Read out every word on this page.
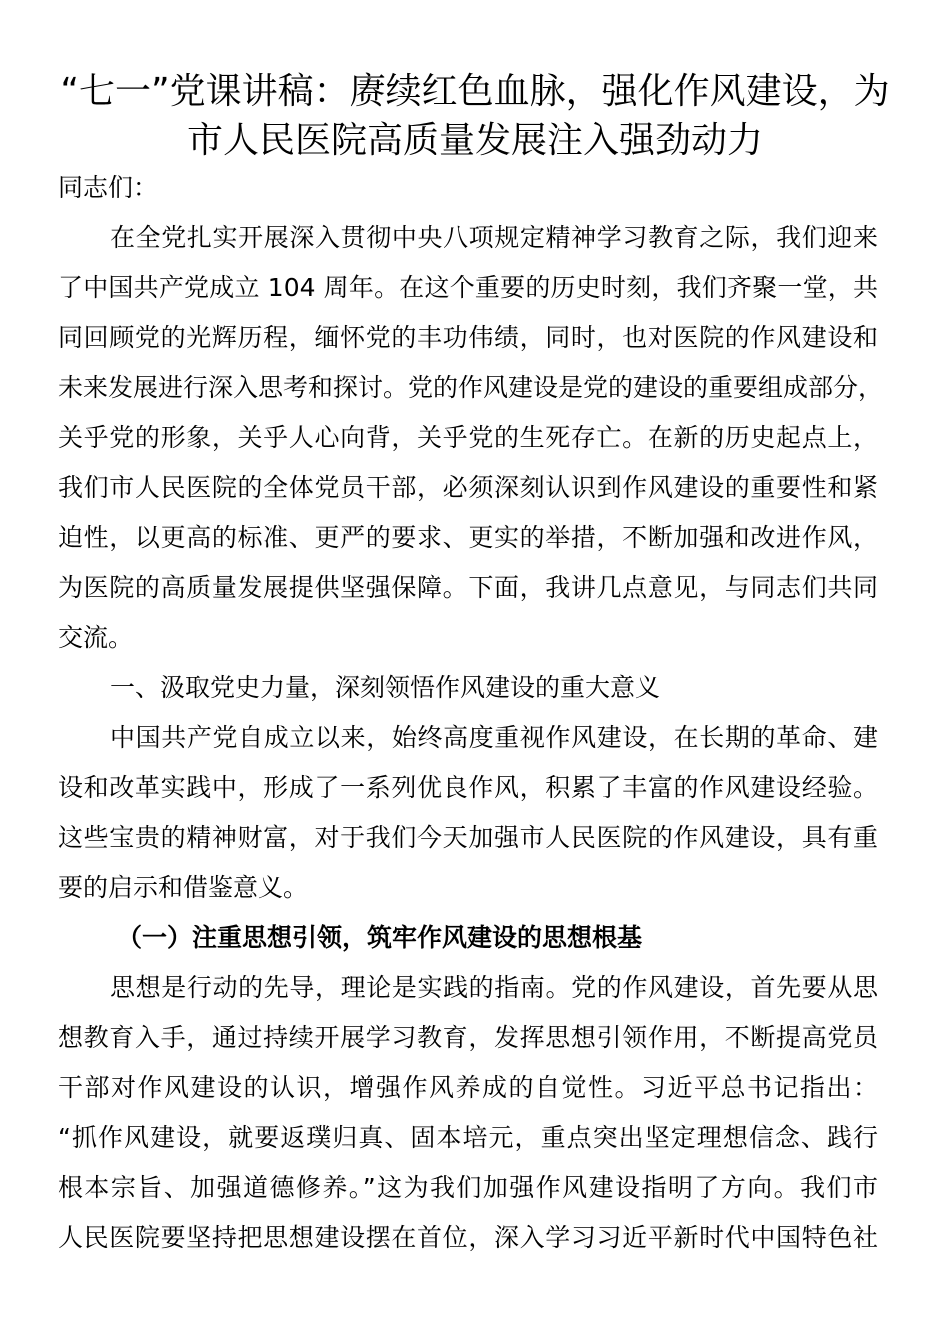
“七一”党课讲稿：赓续红色血脉，强化作风建设，为
市人民医院高质量发展注入强劲动力
同志们：
在全党扎实开展深入贯彻中央八项规定精神学习教育之际，我们迎来
了中国共产党成立 104 周年。在这个重要的历史时刻，我们齐聚一堂，共
同回顾党的光辉历程，缅怀党的丰功伟绩，同时，也对医院的作风建设和
未来发展进行深入思考和探讨。党的作风建设是党的建设的重要组成部分，
关乎党的形象，关乎人心向背，关乎党的生死存亡。在新的历史起点上，
我们市人民医院的全体党员干部，必须深刻认识到作风建设的重要性和紧
迫性，以更高的标准、更严的要求、更实的举措，不断加强和改进作风，
为医院的高质量发展提供坚强保障。下面，我讲几点意见，与同志们共同
交流。
一、汲取党史力量，深刻领悟作风建设的重大意义
中国共产党自成立以来，始终高度重视作风建设，在长期的革命、建
设和改革实践中，形成了一系列优良作风，积累了丰富的作风建设经验。
这些宝贵的精神财富，对于我们今天加强市人民医院的作风建设，具有重
要的启示和借鉴意义。
（一）注重思想引领，筑牢作风建设的思想根基
思想是行动的先导，理论是实践的指南。党的作风建设，首先要从思
想教育入手，通过持续开展学习教育，发挥思想引领作用，不断提高党员
干部对作风建设的认识，增强作风养成的自觉性。习近平总书记指出：
“抓作风建设，就要返璞归真、固本培元，重点突出坚定理想信念、践行
根本宗旨、加强道德修养。”这为我们加强作风建设指明了方向。我们市
人民医院要坚持把思想建设摆在首位，深入学习习近平新时代中国特色社
